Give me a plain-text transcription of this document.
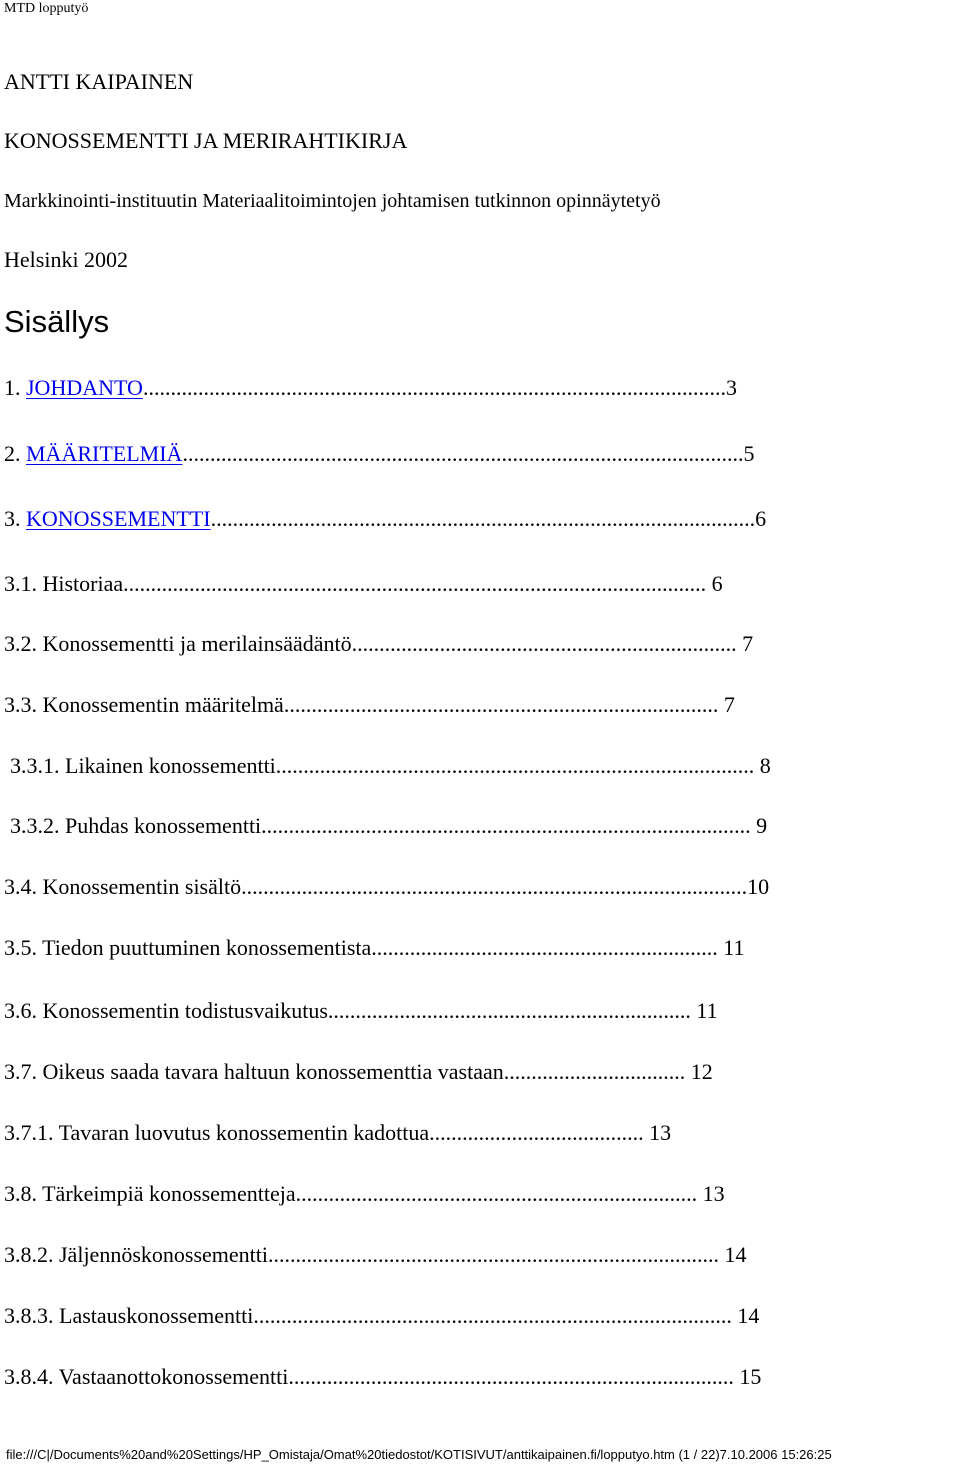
MTD lopputyö
ANTTI KAIPAINEN
KONOSSEMENTTI JA MERIRAHTIKIRJA
Markkinointi-instituutin Materiaalitoimintojen johtamisen tutkinnon opinnäytetyö
Helsinki 2002
Sisällys
1. JOHDANTO..........................................................................................................3
2. MÄÄRITELMIÄ......................................................................................................5
3. KONOSSEMENTTI...................................................................................................6
3.1. Historiaa.......................................................................................................... 6
3.2. Konossementti ja merilainsäädäntö...................................................................... 7
3.3. Konossementin määritelmä............................................................................... 7
3.3.1. Likainen konossementti....................................................................................... 8
3.3.2. Puhdas konossementti......................................................................................... 9
3.4. Konossementin sisältö............................................................................................10
3.5. Tiedon puuttuminen konossementista............................................................... 11
3.6. Konossementin todistusvaikutus.................................................................. 11
3.7. Oikeus saada tavara haltuun konossementtia vastaan................................. 12
3.7.1. Tavaran luovutus konossementin kadottua....................................... 13
3.8. Tärkeimpiä konossementteja......................................................................... 13
3.8.2. Jäljennöskonossementti.................................................................................. 14
3.8.3. Lastauskonossementti....................................................................................... 14
3.8.4. Vastaanottokonossementti................................................................................. 15
file:///C|/Documents%20and%20Settings/HP_Omistaja/Omat%20tiedostot/KOTISIVUT/anttikaipainen.fi/lopputyo.htm (1 / 22)7.10.2006 15:26:25
